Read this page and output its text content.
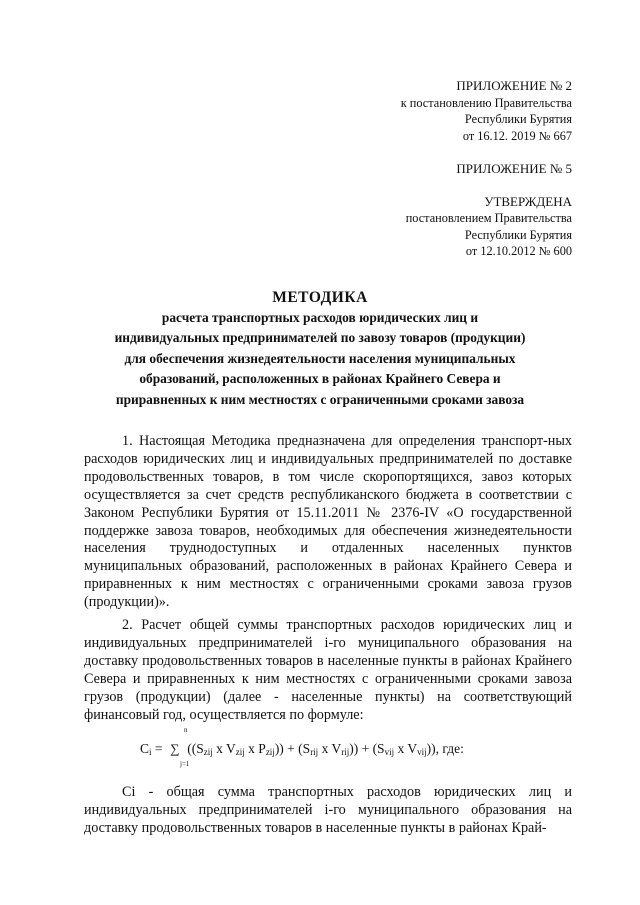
ПРИЛОЖЕНИЕ № 2
к постановлению Правительства
Республики Бурятия
от 16.12. 2019 № 667
ПРИЛОЖЕНИЕ № 5
УТВЕРЖДЕНА
постановлением Правительства
Республики Бурятия
от 12.10.2012 № 600
МЕТОДИКА
расчета транспортных расходов юридических лиц и
индивидуальных предпринимателей по завозу товаров (продукции)
для обеспечения жизнедеятельности населения муниципальных
образований, расположенных в районах Крайнего Севера и
приравненных к ним местностях с ограниченными сроками завоза

1. Настоящая Методика предназначена для определения транспорт-ных расходов юридических лиц и индивидуальных предпринимателей по доставке продовольственных товаров, в том числе скоропортящихся, завоз которых осуществляется за счет средств республиканского бюджета в соответствии с Законом Республики Бурятия от 15.11.2011 № 2376-IV «О государственной поддержке завоза товаров, необходимых для обеспечения жизнедеятельности населения труднодоступных и отдаленных населенных пунктов муниципальных образований, расположенных в районах Крайнего Севера и приравненных к ним местностях с ограниченными сроками завоза грузов (продукции)».

2. Расчет общей суммы транспортных расходов юридических лиц и индивидуальных предпринимателей i-го муниципального образования на доставку продовольственных товаров в населенные пункты в районах Крайнего Севера и приравненных к ним местностях с ограниченными сроками завоза грузов (продукции) (далее - населенные пункты) на соответствующий финансовый год, осуществляется по формуле:

n
j=1
$C_i$ = ∑ (($S_{zij}$ x $V_{zij}$ x $P_{zij})) + (S_{rij}$ x $V_{rij})) + (S_{vij}$ x $V_{vij}$)), где:

Ci - общая сумма транспортных расходов юридических лиц и индивидуальных предпринимателей i-го муниципального образования на доставку продовольственных товаров в населенные пункты в районах Край-
